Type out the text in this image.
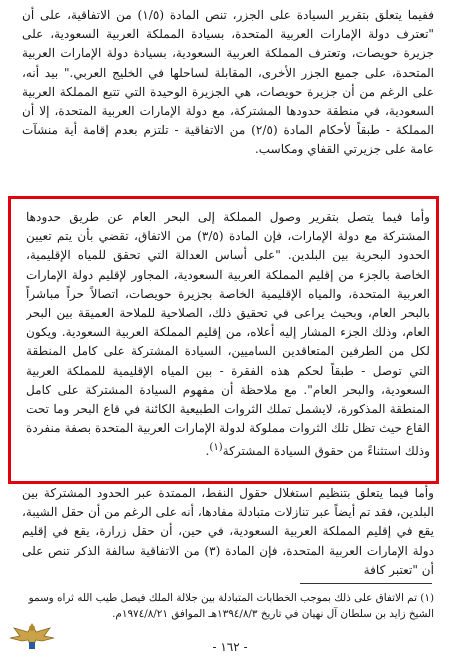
ففيما يتعلق بتقرير السيادة على الجزر، تنص المادة (١/٥) من الاتفاقية، على أن "تعترف دولة الإمارات العربية المتحدة، بسيادة المملكة العربية السعودية، على جزيرة حويصات، وتعترف المملكة العربية السعودية، بسيادة دولة الإمارات العربية المتحدة، على جميع الجزر الأخرى، المقابلة لساحلها في الخليج العربي." بيد أنه، على الرغم من أن جزيرة حويصات، هي الجزيرة الوحيدة التي تتبع المملكة العربية السعودية، في منطقة حدودها المشتركة، مع دولة الإمارات العربية المتحدة، إلا أن المملكة - طبقاً لأحكام المادة (٢/٥) من الاتفاقية - تلتزم بعدم إقامة أية منشآت عامة على جزيرتي القفاي ومكاسب.

وأما فيما يتصل بتقرير وصول المملكة إلى البحر العام عن طريق حدودها المشتركة مع دولة الإمارات، فإن المادة (٣/٥) من الاتفاق، تقضي بأن يتم تعيين الحدود البحرية بين البلدين. "على أساس العدالة التي تحقق للمياه الإقليمية، الخاصة بالجزء من إقليم المملكة العربية السعودية، المجاور لإقليم دولة الإمارات العربية المتحدة، والمياه الإقليمية الخاصة بجزيرة حويصات، اتصالاً حراً مباشراً بالبحر العام، وبحيث يراعى في تحقيق ذلك، الصلاحية للملاحة العميقة بين البحر العام، وذلك الجزء المشار إليه أعلاه، من إقليم المملكة العربية السعودية. ويكون لكل من الطرفين المتعاقدين الساميين، السيادة المشتركة على كامل المنطقة التي توصل - طبقاً لحكم هذه الفقرة - بين المياه الإقليمية للمملكة العربية السعودية، والبحر العام". مع ملاحظة أن مفهوم السيادة المشتركة على كامل المنطقة المذكورة، لايشمل تملك الثروات الطبيعية الكائنة في قاع البحر وما تحت القاع حيث تظل تلك الثروات مملوكة لدولة الإمارات العربية المتحدة بصفة منفردة وذلك استثناءً من حقوق السيادة المشتركة$^{(١)}$.

وأما فيما يتعلق بتنظيم استغلال حقول النفط، الممتدة عبر الحدود المشتركة بين البلدين، فقد تم أيضاً عبر تنازلات متبادلة مفادها، أنه على الرغم من أن حقل الشيبة، يقع في إقليم المملكة العربية السعودية، في حين، أن حقل زرارة، يقع في إقليم دولة الإمارات العربية المتحدة، فإن المادة (٣) من الاتفاقية سالفة الذكر تنص على أن "تعتبر كافة

(١) تم الاتفاق على ذلك بموجب الخطابات المتبادلة بين جلالة الملك فيصل طيب الله ثراه وسمو الشيخ زايد بن سلطان آل نهيان في تاريخ ١٣٩٤/٨/٣هـ الموافق ١٩٧٤/٨/٢١م.

- ١٦٢ -
